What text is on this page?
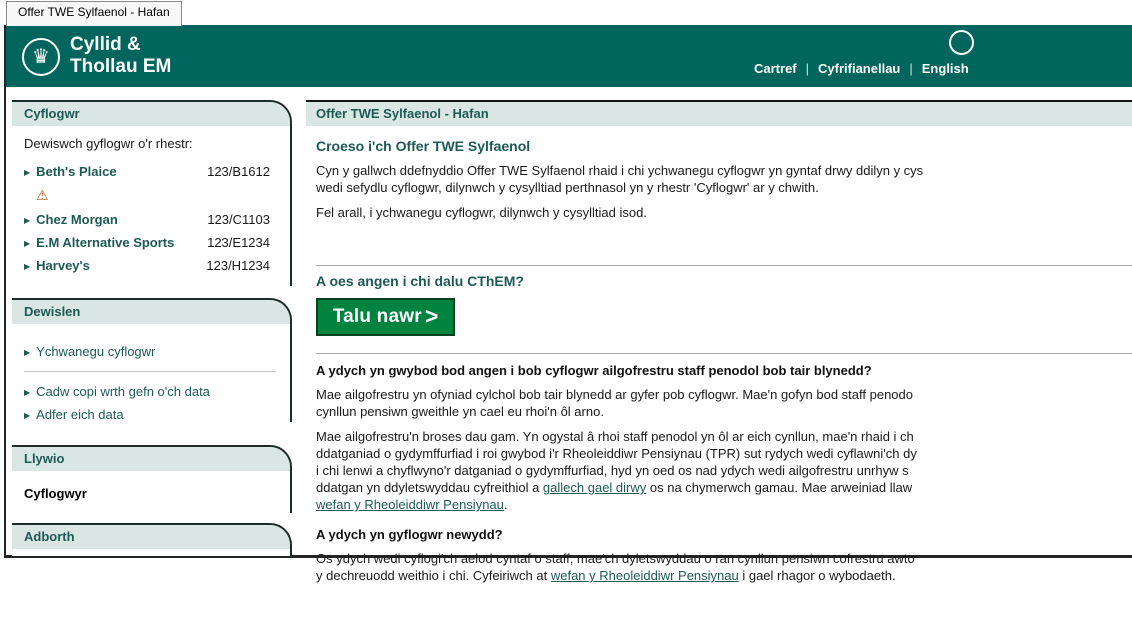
Offer TWE Sylfaenol - Hafan
♛
Cyllid &
Thollau EM	Cartref | Cyfrifianellau | English
Cyflogwr
Dewiswch gyflogwr o'r rhestr:
▶ Beth's Plaice	123/B1612
⚠
▶ Chez Morgan	123/C1103
▶ E.M Alternative Sports	123/E1234
▶ Harvey's	123/H1234
Dewislen
▶ Ychwanegu cyflogwr
▶ Cadw copi wrth gefn o'ch data
▶ Adfer eich data
Llywio
Cyflogwyr
Adborth
Offer TWE Sylfaenol - Hafan
Croeso i'ch Offer TWE Sylfaenol
Cyn y gallwch ddefnyddio Offer TWE Sylfaenol rhaid i chi ychwanegu cyflogwr yn gyntaf drwy ddilyn y cys
wedi sefydlu cyflogwr, dilynwch y cysylltiad perthnasol yn y rhestr 'Cyflogwr' ar y chwith.
Fel arall, i ychwanegu cyflogwr, dilynwch y cysylltiad isod.
A oes angen i chi dalu CThEM?
Talu nawr >
A ydych yn gwybod bod angen i bob cyflogwr ailgofrestru staff penodol bob tair blynedd?
Mae ailgofrestru yn ofyniad cylchol bob tair blynedd ar gyfer pob cyflogwr. Mae'n gofyn bod staff penodo
cynllun pensiwn gweithle yn cael eu rhoi'n ôl arno.
Mae ailgofrestru'n broses dau gam. Yn ogystal â rhoi staff penodol yn ôl ar eich cynllun, mae'n rhaid i ch
ddatganiad o gydymffurfiad i roi gwybod i'r Rheoleiddiwr Pensiynau (TPR) sut rydych wedi cyflawni'ch dy
i chi lenwi a chyflwyno'r datganiad o gydymffurfiad, hyd yn oed os nad ydych wedi ailgofrestru unrhyw s
ddatgan yn ddyletswyddau cyfreithiol a gallech gael dirwy os na chymerwch gamau. Mae arweiniad llaw
wefan y Rheoleiddiwr Pensiynau.
A ydych yn gyflogwr newydd?
Os ydych wedi cyflogi'ch aelod cyntaf o staff, mae'ch dyletswyddau o ran cynllun pensiwn cofrestru awto
y dechreuodd weithio i chi. Cyfeiriwch at wefan y Rheoleiddiwr Pensiynau i gael rhagor o wybodaeth.
